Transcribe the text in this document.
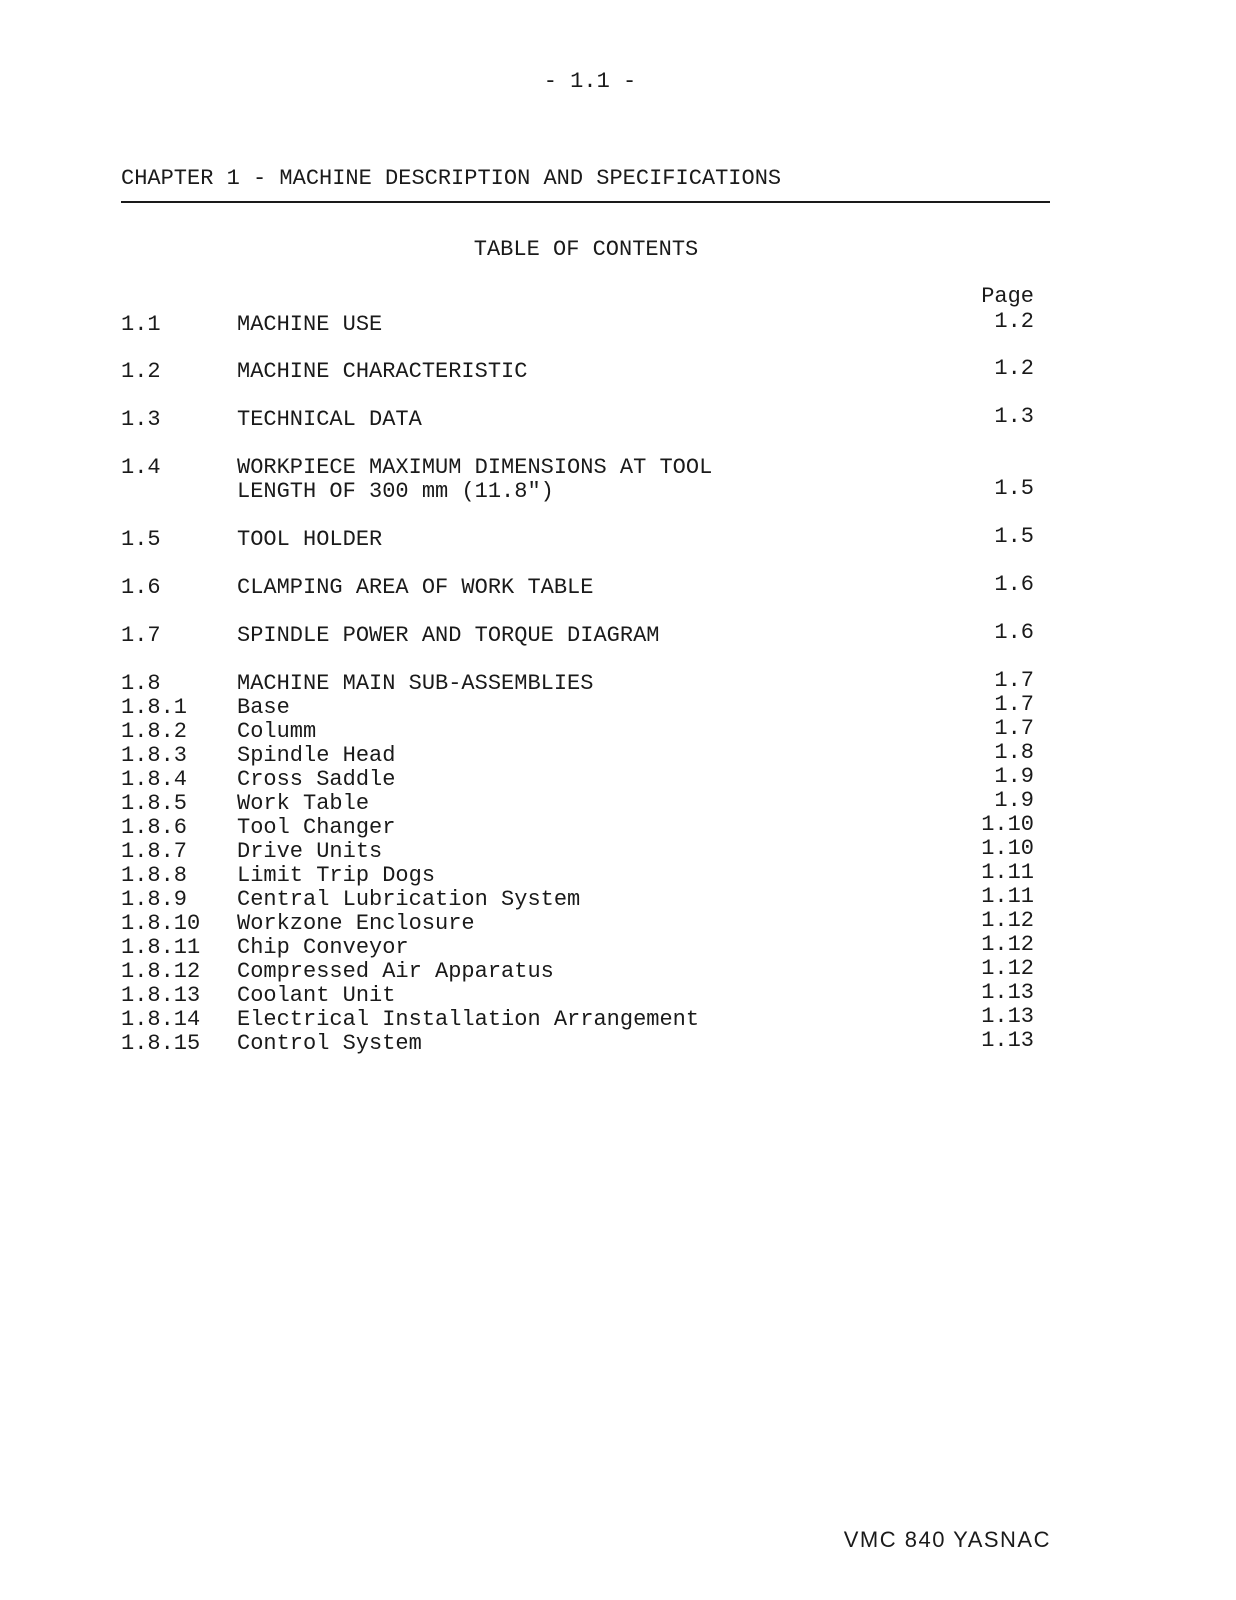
- 1.1 -
CHAPTER 1 - MACHINE DESCRIPTION AND SPECIFICATIONS
TABLE OF CONTENTS
Page
1.1	MACHINE USE	1.2
1.2	MACHINE CHARACTERISTIC	1.2
1.3	TECHNICAL DATA	1.3
1.4	WORKPIECE MAXIMUM DIMENSIONS AT TOOL
LENGTH OF 300 mm (11.8")	1.5
1.5	TOOL HOLDER	1.5
1.6	CLAMPING AREA OF WORK TABLE	1.6
1.7	SPINDLE POWER AND TORQUE DIAGRAM	1.6
1.8	MACHINE MAIN SUB-ASSEMBLIES	1.7
1.8.1 Base	1.7
1.8.2 Columm	1.7
1.8.3 Spindle Head	1.8
1.8.4 Cross Saddle	1.9
1.8.5 Work Table	1.9
1.8.6 Tool Changer	1.10
1.8.7 Drive Units	1.10
1.8.8 Limit Trip Dogs	1.11
1.8.9 Central Lubrication System	1.11
1.8.10 Workzone Enclosure	1.12
1.8.11 Chip Conveyor	1.12
1.8.12 Compressed Air Apparatus	1.12
1.8.13 Coolant Unit	1.13
1.8.14 Electrical Installation Arrangement	1.13
1.8.15 Control System	1.13
VMC 840 YASNAC
